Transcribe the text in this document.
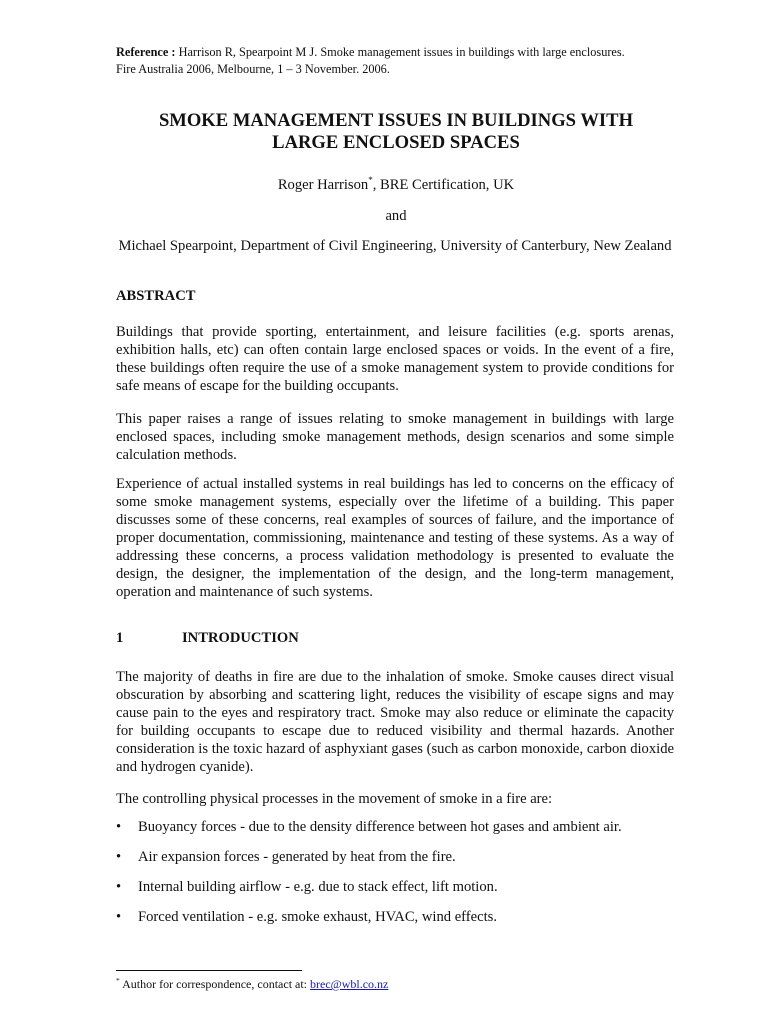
Reference : Harrison R, Spearpoint M J. Smoke management issues in buildings with large enclosures.
Fire Australia 2006, Melbourne, 1 – 3 November. 2006.
SMOKE MANAGEMENT ISSUES IN BUILDINGS WITH
LARGE ENCLOSED SPACES
Roger Harrison*, BRE Certification, UK
and
Michael Spearpoint, Department of Civil Engineering, University of Canterbury, New Zealand
ABSTRACT

Buildings that provide sporting, entertainment, and leisure facilities (e.g. sports arenas, exhibition halls, etc) can often contain large enclosed spaces or voids. In the event of a fire, these buildings often require the use of a smoke management system to provide conditions for safe means of escape for the building occupants.

This paper raises a range of issues relating to smoke management in buildings with large enclosed spaces, including smoke management methods, design scenarios and some simple calculation methods.

Experience of actual installed systems in real buildings has led to concerns on the efficacy of some smoke management systems, especially over the lifetime of a building. This paper discusses some of these concerns, real examples of sources of failure, and the importance of proper documentation, commissioning, maintenance and testing of these systems. As a way of addressing these concerns, a process validation methodology is presented to evaluate the design, the designer, the implementation of the design, and the long-term management, operation and maintenance of such systems.

1	INTRODUCTION

The majority of deaths in fire are due to the inhalation of smoke. Smoke causes direct visual obscuration by absorbing and scattering light, reduces the visibility of escape signs and may cause pain to the eyes and respiratory tract. Smoke may also reduce or eliminate the capacity for building occupants to escape due to reduced visibility and thermal hazards. Another consideration is the toxic hazard of asphyxiant gases (such as carbon monoxide, carbon dioxide and hydrogen cyanide).

The controlling physical processes in the movement of smoke in a fire are:

• Buoyancy forces - due to the density difference between hot gases and ambient air.
• Air expansion forces - generated by heat from the fire.
• Internal building airflow - e.g. due to stack effect, lift motion.
• Forced ventilation - e.g. smoke exhaust, HVAC, wind effects.
* Author for correspondence, contact at: brec@wbl.co.nz
